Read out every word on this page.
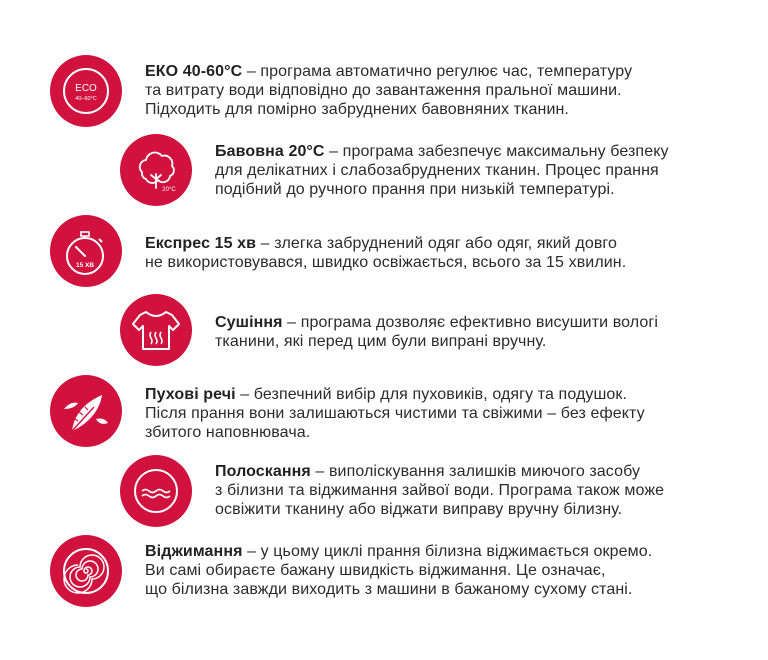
ECO
40–60°C
ЕКО 40-60°C – програма автоматично регулює час, температуру
та витрату води відповідно до завантаження пральної машини.
Підходить для помірно забруднених бавовняних тканин.
20°C
Бавовна 20°C – програма забезпечує максимальну безпеку
для делікатних і слабозабруднених тканин. Процес прання
подібний до ручного прання при низькій температурі.
15 ХВ
Експрес 15 хв – злегка забруднений одяг або одяг, який довго
не використовувався, швидко освіжається, всього за 15 хвилин.
Сушіння – програма дозволяє ефективно висушити вологі
тканини, які перед цим були випрані вручну.
Пухові речі – безпечний вибір для пуховиків, одягу та подушок.
Після прання вони залишаються чистими та свіжими – без ефекту
збитого наповнювача.
Полоскання – виполіскування залишків миючого засобу
з білизни та віджимання зайвої води. Програма також може
освіжити тканину або віджати виправу вручну білизну.
Віджимання – у цьому циклі прання білизна віджимається окремо.
Ви самі обираєте бажану швидкість віджимання. Це означає,
що білизна завжди виходить з машини в бажаному сухому стані.
